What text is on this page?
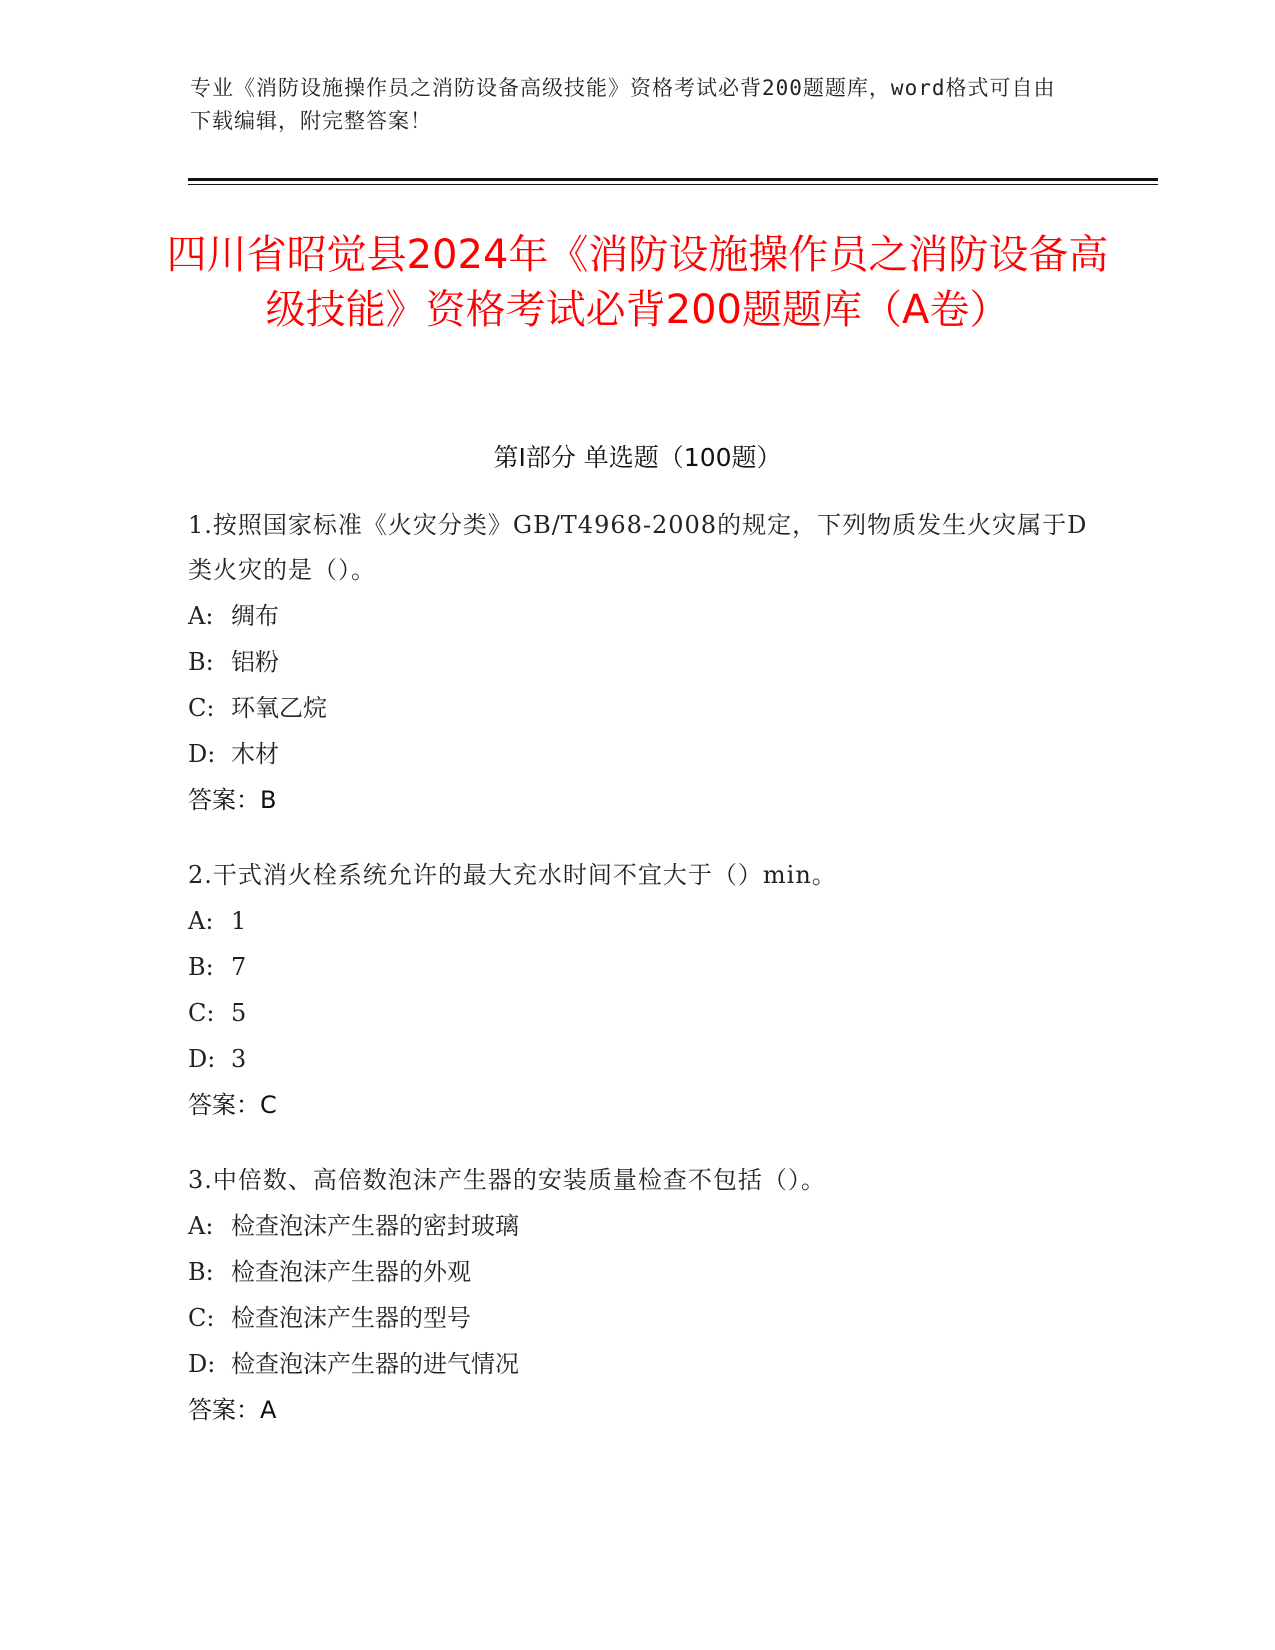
专业《消防设施操作员之消防设备高级技能》资格考试必背200题题库，word格式可自由下载编辑，附完整答案！
四川省昭觉县2024年《消防设施操作员之消防设备高级技能》资格考试必背200题题库（A卷）
第I部分 单选题（100题）
1.按照国家标准《火灾分类》GB/T4968-2008的规定，下列物质发生火灾属于D类火灾的是（）。
A: 绸布
B: 铝粉
C: 环氧乙烷
D: 木材
答案：B
2.干式消火栓系统允许的最大充水时间不宜大于（）min。
A: 1
B: 7
C: 5
D: 3
答案：C
3.中倍数、高倍数泡沫产生器的安装质量检查不包括（）。
A: 检查泡沫产生器的密封玻璃
B: 检查泡沫产生器的外观
C: 检查泡沫产生器的型号
D: 检查泡沫产生器的进气情况
答案：A
